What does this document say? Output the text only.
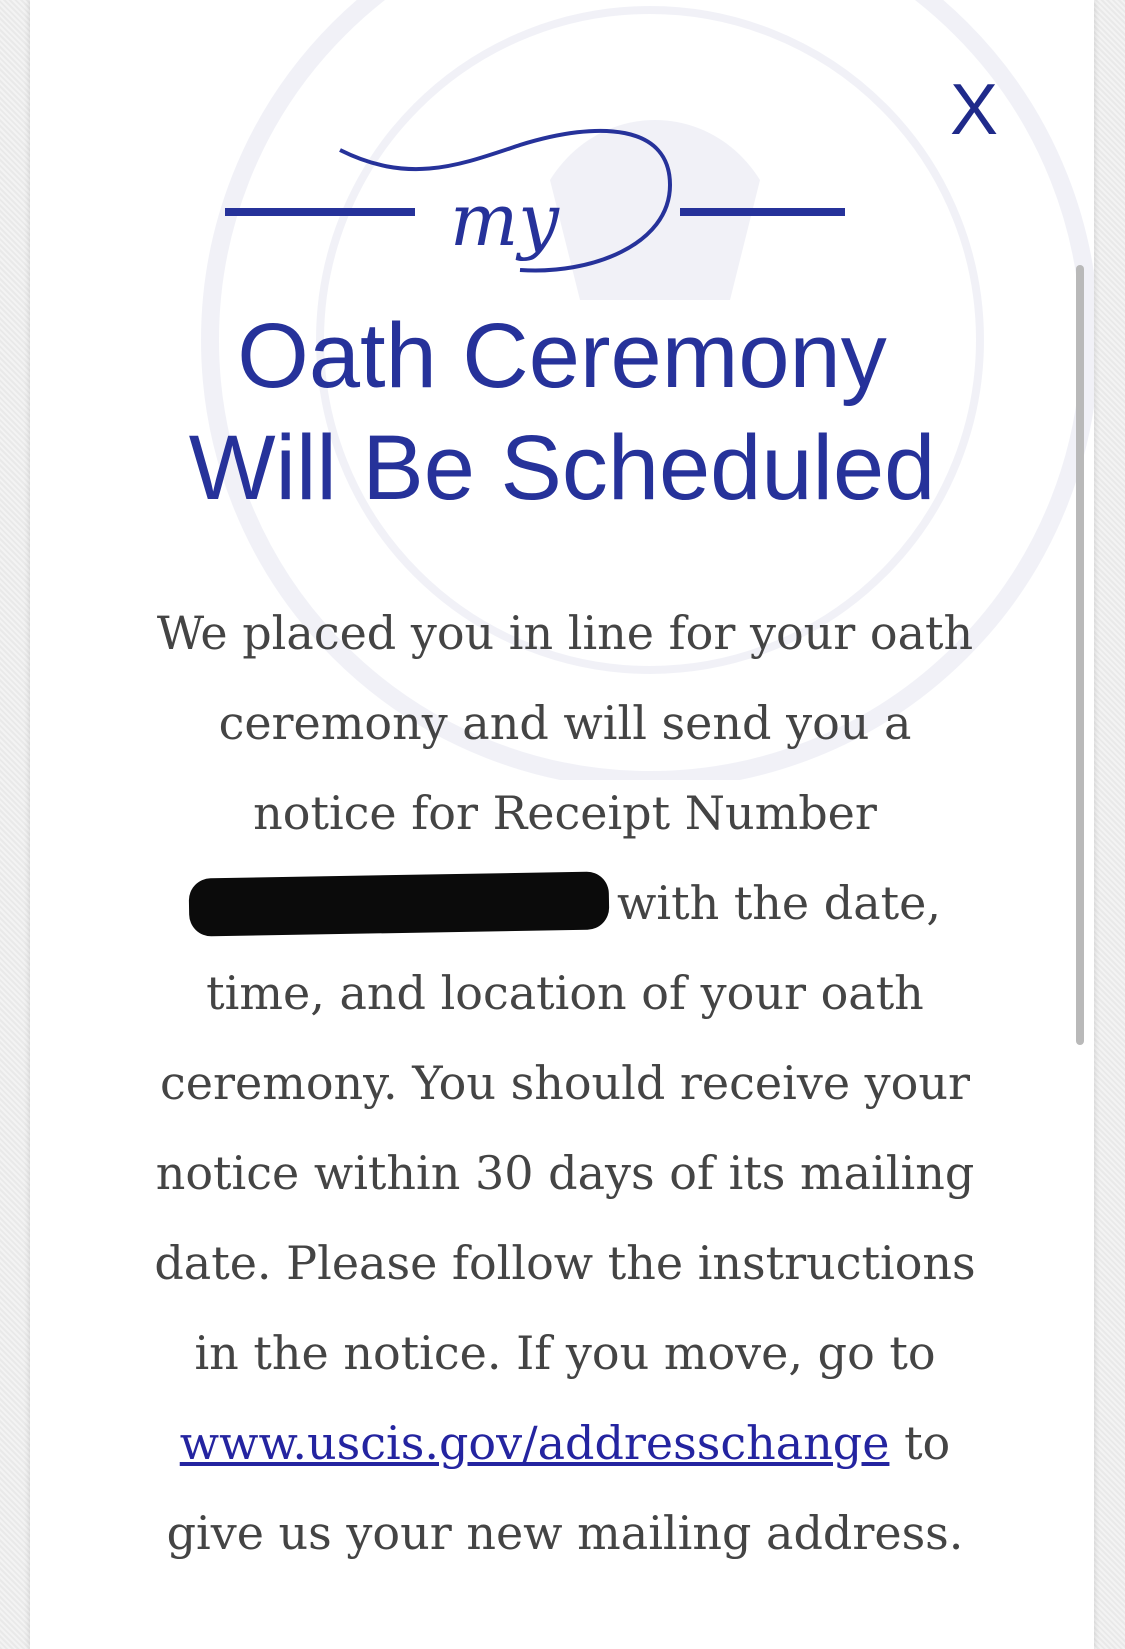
X
my
Oath Ceremony
Will Be Scheduled
We placed you in line for your oath ceremony and will send you a notice for Receipt Number with the date, time, and location of your oath ceremony. You should receive your notice within 30 days of its mailing date. Please follow the instructions in the notice. If you move, go to www.uscis.gov/addresschange to give us your new mailing address.
